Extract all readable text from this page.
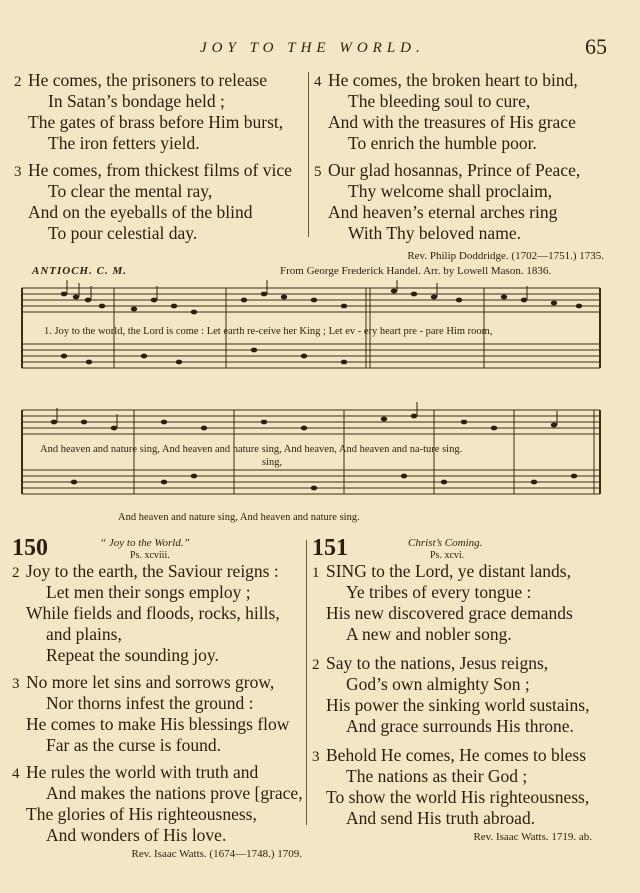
JOY TO THE WORLD.	65
2 He comes, the prisoners to release
In Satan’s bondage held ;
The gates of brass before Him burst,
The iron fetters yield.
3 He comes, from thickest films of vice
To clear the mental ray,
And on the eyeballs of the blind
To pour celestial day.
4 He comes, the broken heart to bind,
The bleeding soul to cure,
And with the treasures of His grace
To enrich the humble poor.
5 Our glad hosannas, Prince of Peace,
Thy welcome shall proclaim,
And heaven’s eternal arches ring
With Thy beloved name.
Rev. Philip Doddridge. (1702—1751.) 1735.
ANTIOCH. C. M.	From George Frederick Handel. Arr. by Lowell Mason. 1836.
1. Joy to the world, the Lord is come : Let earth re-ceive her King ; Let ev - ery heart pre - pare Him room,
And heaven and nature sing, And heaven and nature sing, And heaven, And heaven and na-ture sing.
sing,
And heaven and nature sing, And heaven and nature sing.
150	“ Joy to the World.”
Ps. xcviii.
2 Joy to the earth, the Saviour reigns :
Let men their songs employ ;
While fields and floods, rocks, hills,
and plains,
Repeat the sounding joy.
3 No more let sins and sorrows grow,
Nor thorns infest the ground :
He comes to make His blessings flow
Far as the curse is found.
4 He rules the world with truth and
And makes the nations prove [grace,
The glories of His righteousness,
And wonders of His love.
Rev. Isaac Watts. (1674—1748.) 1709.
151	Christ’s Coming.
Ps. xcvi.
1 SING to the Lord, ye distant lands,
Ye tribes of every tongue :
His new discovered grace demands
A new and nobler song.
2 Say to the nations, Jesus reigns,
God’s own almighty Son ;
His power the sinking world sustains,
And grace surrounds His throne.
3 Behold He comes, He comes to bless
The nations as their God ;
To show the world His righteousness,
And send His truth abroad.
Rev. Isaac Watts. 1719. ab.
